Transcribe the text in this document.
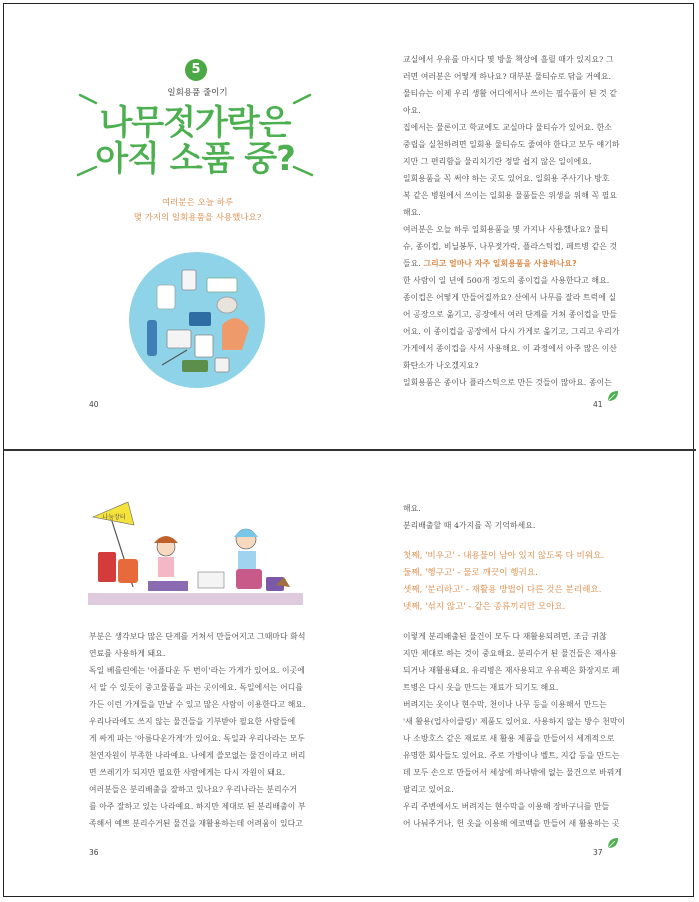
5
일회용품 줄이기
나무젓가락은
아직 소품 중?
여러분은 오늘 하루
몇 가지의 일회용품을 사용했나요?
40

교실에서 우유를 마시다 몇 방울 책상에 흘릴 때가 있지요? 그

러면 여러분은 어떻게 하나요? 대부분 물티슈로 닦을 거예요.

물티슈는 이제 우리 생활 어디에서나 쓰이는 필수품이 된 것 같

아요.

집에서는 물론이고 학교에도 교실마다 물티슈가 있어요. 한소

중립을 실천하려면 일회용 물티슈도 줄여야 한다고 모두 얘기하

지만 그 편리함을 물리치기란 정말 쉽지 않은 일이에요.

일회용품을 꼭 써야 하는 곳도 있어요. 일회용 주사기나 방호

복 같은 병원에서 쓰이는 일회용 물품들은 위생을 위해 꼭 필요

해요.

여러분은 오늘 하루 일회용품을 몇 가지나 사용했나요? 물티

슈, 종이컵, 비닐봉투, 나무젓가락, 플라스틱컵, 페트병 같은 것

들요. 그리고 얼마나 자주 일회용품을 사용하나요?

한 사람이 일 년에 500개 정도의 종이컵을 사용한다고 해요.

종이컵은 어떻게 만들어질까요? 산에서 나무를 잘라 트럭에 실

어 공장으로 옮기고, 공장에서 여러 단계를 거쳐 종이컵을 만들

어요. 이 종이컵을 공장에서 다시 가게로 옮기고, 그리고 우리가

가게에서 종이컵을 사서 사용해요. 이 과정에서 아주 많은 이산

화탄소가 나오겠지요?

일회용품은 종이나 플라스틱으로 만든 것들이 많아요. 종이는

41
나눔장터

부분은 생각보다 많은 단계를 거쳐서 만들어지고 그때마다 화석

연료를 사용하게 돼요.

독일 베를린에는 '어플다운 두 번이'라는 가게가 있어요. 이곳에

서 알 수 있듯이 중고물품을 파는 곳이에요. 독일에서는 어디를

가든 이런 가게들을 만날 수 있고 많은 사람이 이용한다고 해요.

우리나라에도 쓰지 않는 물건들을 기부받아 필요한 사람들에

게 싸게 파는 '아름다운가게'가 있어요. 독일과 우리나라는 모두

천연자원이 부족한 나라예요. 나에게 쓸모없는 물건이라고 버리

면 쓰레기가 되지만 필요한 사람에게는 다시 자원이 돼요.

여러분들은 분리배출을 잘하고 있나요? 우리나라는 분리수거

를 아주 잘하고 있는 나라예요. 하지만 제대로 된 분리배출이 부

족해서 예쁘 분리수거된 물건을 재활용하는데 어려움이 있다고

36

해요.

분리배출할 때 4가지를 꼭 기억하세요.

첫째, '비우고' - 내용물이 남아 있지 않도록 다 비워요.

둘째, '헹구고' - 물로 깨끗이 헹궈요.

셋째, '분리하고' - 재활용 방법이 다른 것은 분리해요.

넷째, '섞지 않고' - 같은 종류끼리만 모아요.

이렇게 분리배출된 물건이 모두 다 재활용되려면, 조금 귀찮

지만 제대로 하는 것이 중요해요. 분리수거 된 물건들은 재사용

되거나 재활용돼요. 유리병은 재사용되고 우유팩은 화장지로 페

트병은 다시 옷을 만드는 재료가 되기도 해요.

버려지는 옷이나 현수막, 천이나 나무 등을 이용해서 만드는

'새 활용(업사이클링)' 제품도 있어요. 사용하지 않는 방수 천막이

나 소방호스 같은 재료로 새 활용 제품을 만들어서 세계적으로

유명한 회사들도 있어요. 주로 가방이나 벨트, 지갑 등을 만드는

데 모두 손으로 만들어서 세상에 하나밖에 없는 물건으로 바꿔게

팔리고 있어요.

우리 주변에서도 버려지는 현수막을 이용해 장바구니를 만들

어 나눠주거나, 헌 옷을 이용해 에코백을 만들어 새 활용하는 곳

37
